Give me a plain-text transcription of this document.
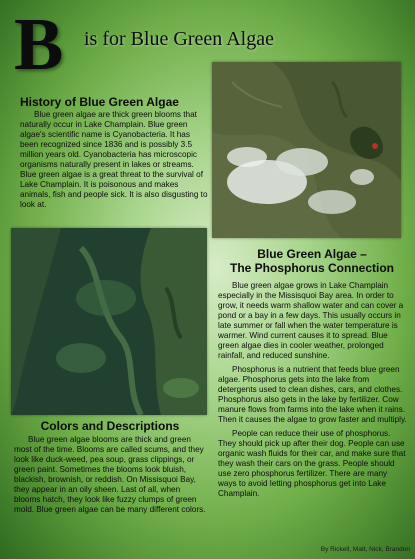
B is for Blue Green Algae
History of Blue Green Algae

Blue green algae are thick green blooms that naturally occur in Lake Champlain. Blue green algae's scientific name is Cyanobacteria. It has been recognized since 1836 and is possibly 3.5 million years old. Cyanobacteria has microscopic organisms naturally present in lakes or streams. Blue green algae is a great threat to the survival of Lake Champlain. It is poisonous and makes animals, fish and people sick. It is also disgusting to look at.

Blue Green Algae –
The Phosphorus Connection

Blue green algae grows in Lake Champlain especially in the Missisquoi Bay area. In order to grow, it needs warm shallow water and can cover a pond or a bay in a few days. This usually occurs in late summer or fall when the water temperature is warmer. Wind current causes it to spread. Blue green algae dies in cooler weather, prolonged rainfall, and reduced sunshine.

Phosphorus is a nutrient that feeds blue green algae. Phosphorus gets into the lake from detergents used to clean dishes, cars, and clothes. Phosphorus also gets in the lake by fertilizer. Cow manure flows from farms into the lake when it rains. Then it causes the algae to grow faster and multiply.

People can reduce their use of phosphorus. They should pick up after their dog. People can use organic wash fluids for their car, and make sure that they wash their cars on the grass. People should use zero phosphorus fertilizer. There are many ways to avoid letting phosphorus get into Lake Champlain.

Colors and Descriptions

Blue green algae blooms are thick and green most of the time. Blooms are called scums, and they look like duck-weed, pea soup, grass clippings, or green paint. Sometimes the blooms look bluish, blackish, brownish, or reddish. On Missisquoi Bay, they appear in an oily sheen. Last of all, when blooms hatch, they look like fuzzy clumps of green mold. Blue green algae can be many different colors.

By Rickell, Matt, Nick, Brandon
